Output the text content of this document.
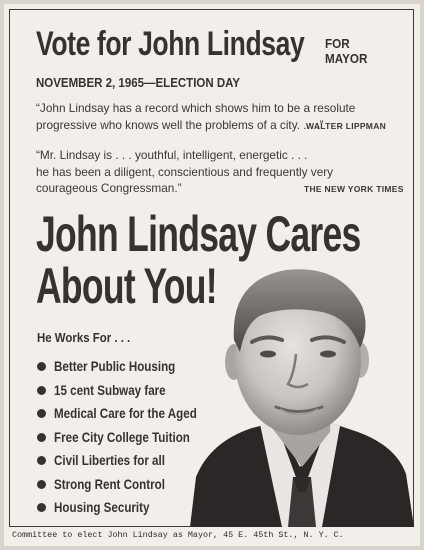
Vote for John Lindsay FOR
MAYOR
NOVEMBER 2, 1965—ELECTION DAY
“John Lindsay has a record which shows him to be a resolute
progressive who knows well the problems of a city. . . .”
WALTER LIPPMAN
“Mr. Lindsay is . . . youthful, intelligent, energetic . . .
he has been a diligent, conscientious and frequently very
courageous Congressman.”	THE NEW YORK TIMES
John Lindsay Cares
About You!
He Works For . . .
Better Public Housing
15 cent Subway fare
Medical Care for the Aged
Free City College Tuition
Civil Liberties for all
Strong Rent Control
Housing Security
Committee to elect John Lindsay as Mayor, 45 E. 45th St., N. Y. C.
